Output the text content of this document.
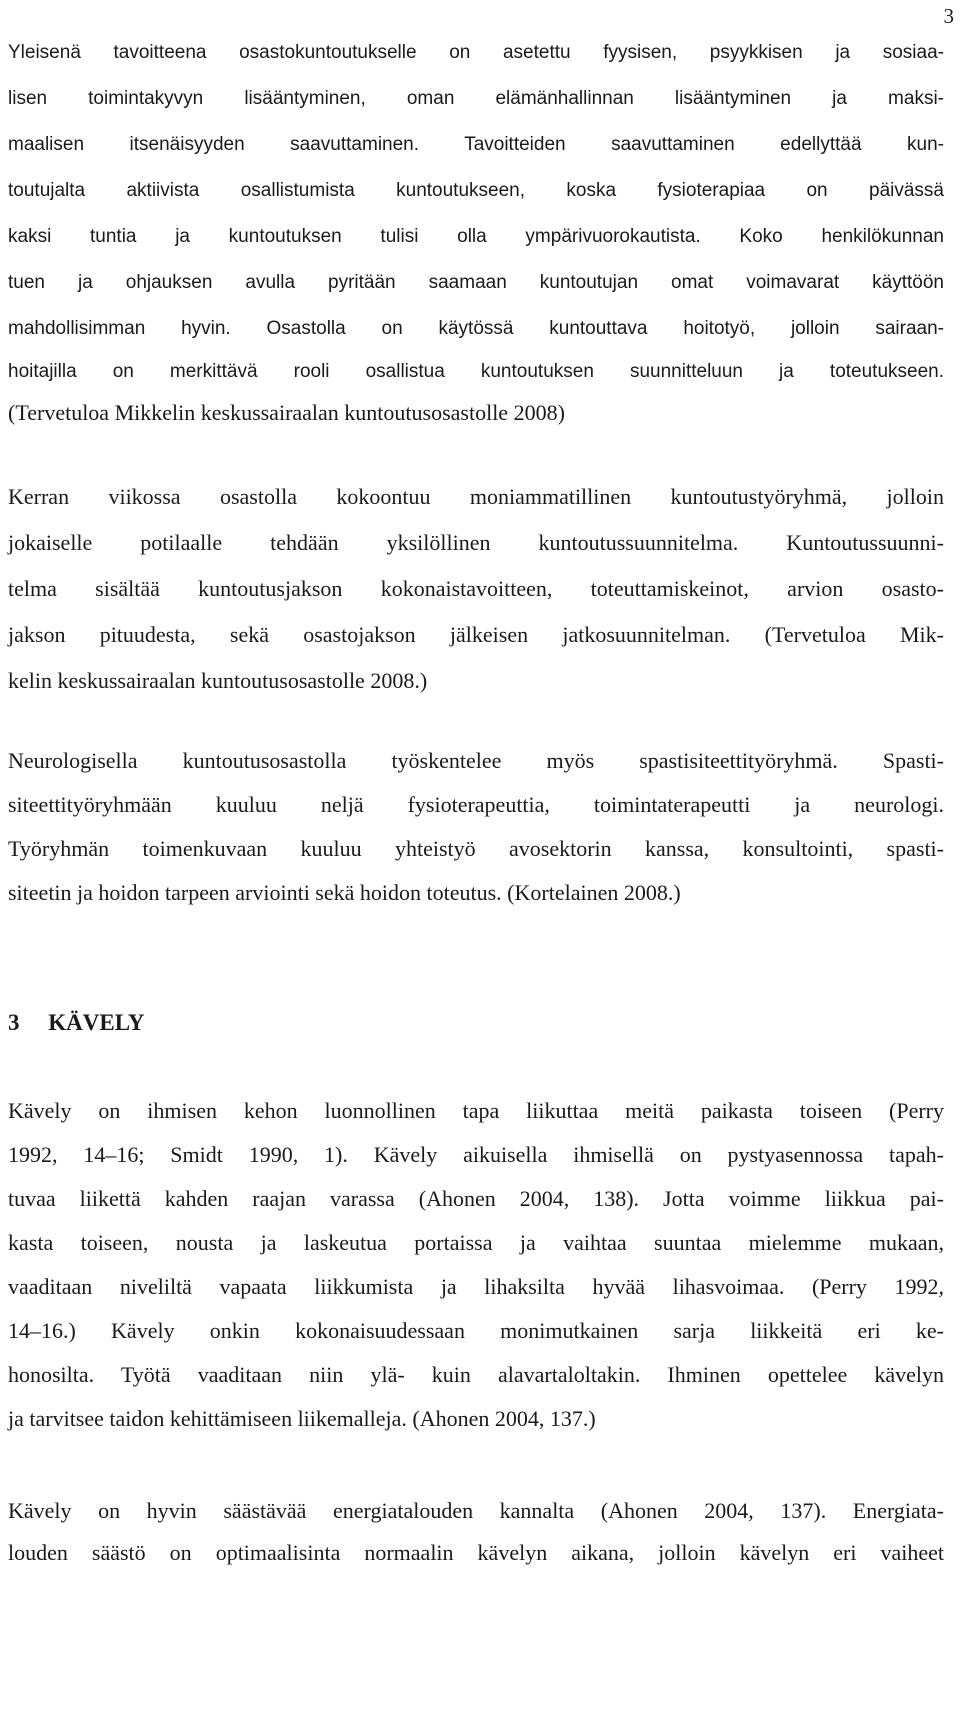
3
Yleisenä tavoitteena osastokuntoutukselle on asetettu fyysisen, psyykkisen ja sosiaa-
lisen toimintakyvyn lisääntyminen, oman elämänhallinnan lisääntyminen ja maksi-
maalisen itsenäisyyden saavuttaminen. Tavoitteiden saavuttaminen edellyttää kun-
toutujalta aktiivista osallistumista kuntoutukseen, koska fysioterapiaa on päivässä
kaksi tuntia ja kuntoutuksen tulisi olla ympärivuorokautista. Koko henkilökunnan
tuen ja ohjauksen avulla pyritään saamaan kuntoutujan omat voimavarat käyttöön
mahdollisimman hyvin. Osastolla on käytössä kuntouttava hoitotyö, jolloin sairaan-
hoitajilla on merkittävä rooli osallistua kuntoutuksen suunnitteluun ja toteutukseen.
(Tervetuloa Mikkelin keskussairaalan kuntoutusosastolle 2008)
Kerran viikossa osastolla kokoontuu moniammatillinen kuntoutustyöryhmä, jolloin
jokaiselle potilaalle tehdään yksilöllinen kuntoutussuunnitelma. Kuntoutussuunni-
telma sisältää kuntoutusjakson kokonaistavoitteen, toteuttamiskeinot, arvion osasto-
jakson pituudesta, sekä osastojakson jälkeisen jatkosuunnitelman. (Tervetuloa Mik-
kelin keskussairaalan kuntoutusosastolle 2008.)
Neurologisella kuntoutusosastolla työskentelee myös spastisiteettityöryhmä. Spasti-
siteettityöryhmään kuuluu neljä fysioterapeuttia, toimintaterapeutti ja neurologi.
Työryhmän toimenkuvaan kuuluu yhteistyö avosektorin kanssa, konsultointi, spasti-
siteetin ja hoidon tarpeen arviointi sekä hoidon toteutus. (Kortelainen 2008.)
3     KÄVELY
Kävely on ihmisen kehon luonnollinen tapa liikuttaa meitä paikasta toiseen (Perry
1992, 14–16; Smidt 1990, 1). Kävely aikuisella ihmisellä on pystyasennossa tapah-
tuvaa liikettä kahden raajan varassa (Ahonen 2004, 138). Jotta voimme liikkua pai-
kasta toiseen, nousta ja laskeutua portaissa ja vaihtaa suuntaa mielemme mukaan,
vaaditaan niveliltä vapaata liikkumista ja lihaksilta hyvää lihasvoimaa. (Perry 1992,
14–16.) Kävely onkin kokonaisuudessaan monimutkainen sarja liikkeitä eri ke-
honosilta. Työtä vaaditaan niin ylä- kuin alavartaloltakin. Ihminen opettelee kävelyn
ja tarvitsee taidon kehittämiseen liikemalleja. (Ahonen 2004, 137.)
Kävely on hyvin säästävää energiatalouden kannalta (Ahonen 2004, 137). Energiata-
louden säästö on optimaalisinta normaalin kävelyn aikana, jolloin kävelyn eri vaiheet
